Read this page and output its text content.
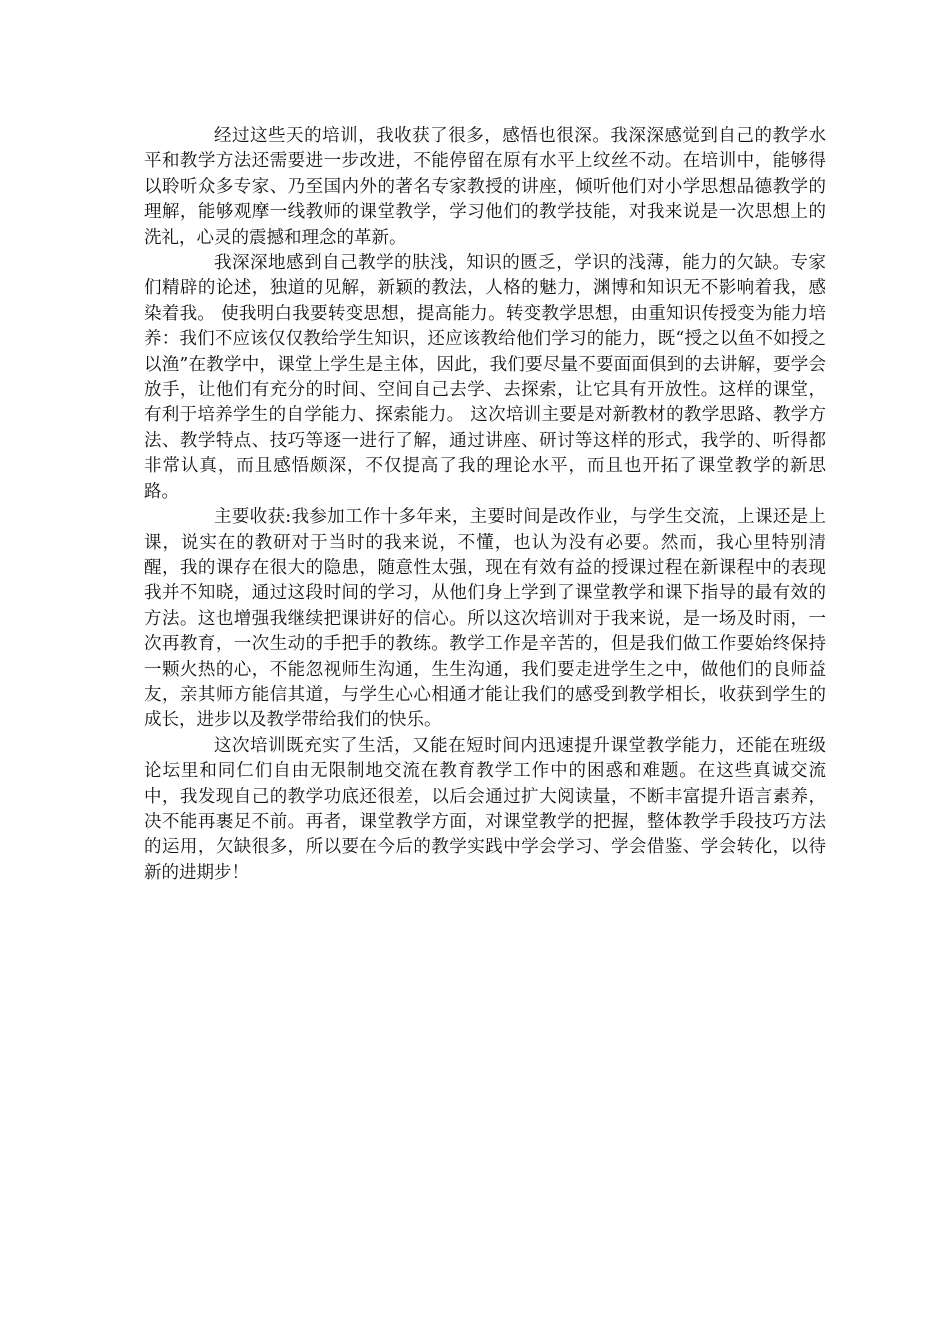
经过这些天的培训，我收获了很多，感悟也很深。我深深感觉到自己的教学水平和教学方法还需要进一步改进，不能停留在原有水平上纹丝不动。在培训中，能够得以聆听众多专家、乃至国内外的著名专家教授的讲座，倾听他们对小学思想品德教学的理解，能够观摩一线教师的课堂教学，学习他们的教学技能，对我来说是一次思想上的洗礼，心灵的震撼和理念的革新。

我深深地感到自己教学的肤浅，知识的匮乏，学识的浅薄，能力的欠缺。专家们精辟的论述，独道的见解，新颖的教法，人格的魅力，渊博和知识无不影响着我，感染着我。 使我明白我要转变思想，提高能力。转变教学思想，由重知识传授变为能力培养：我们不应该仅仅教给学生知识，还应该教给他们学习的能力，既“授之以鱼不如授之以渔”在教学中，课堂上学生是主体，因此，我们要尽量不要面面俱到的去讲解，要学会放手，让他们有充分的时间、空间自己去学、去探索，让它具有开放性。这样的课堂，有利于培养学生的自学能力、探索能力。 这次培训主要是对新教材的教学思路、教学方法、教学特点、技巧等逐一进行了解，通过讲座、研讨等这样的形式，我学的、听得都非常认真，而且感悟颇深，不仅提高了我的理论水平，而且也开拓了课堂教学的新思路。

主要收获:我参加工作十多年来，主要时间是改作业，与学生交流，上课还是上课，说实在的教研对于当时的我来说，不懂，也认为没有必要。然而，我心里特别清醒，我的课存在很大的隐患，随意性太强，现在有效有益的授课过程在新课程中的表现我并不知晓，通过这段时间的学习，从他们身上学到了课堂教学和课下指导的最有效的方法。这也增强我继续把课讲好的信心。所以这次培训对于我来说，是一场及时雨，一次再教育，一次生动的手把手的教练。教学工作是辛苦的，但是我们做工作要始终保持一颗火热的心，不能忽视师生沟通，生生沟通，我们要走进学生之中，做他们的良师益友，亲其师方能信其道，与学生心心相通才能让我们的感受到教学相长，收获到学生的成长，进步以及教学带给我们的快乐。

这次培训既充实了生活，又能在短时间内迅速提升课堂教学能力，还能在班级论坛里和同仁们自由无限制地交流在教育教学工作中的困惑和难题。在这些真诚交流中，我发现自己的教学功底还很差，以后会通过扩大阅读量，不断丰富提升语言素养，决不能再裹足不前。再者，课堂教学方面，对课堂教学的把握，整体教学手段技巧方法的运用，欠缺很多，所以要在今后的教学实践中学会学习、学会借鉴、学会转化，以待新的进期步！
